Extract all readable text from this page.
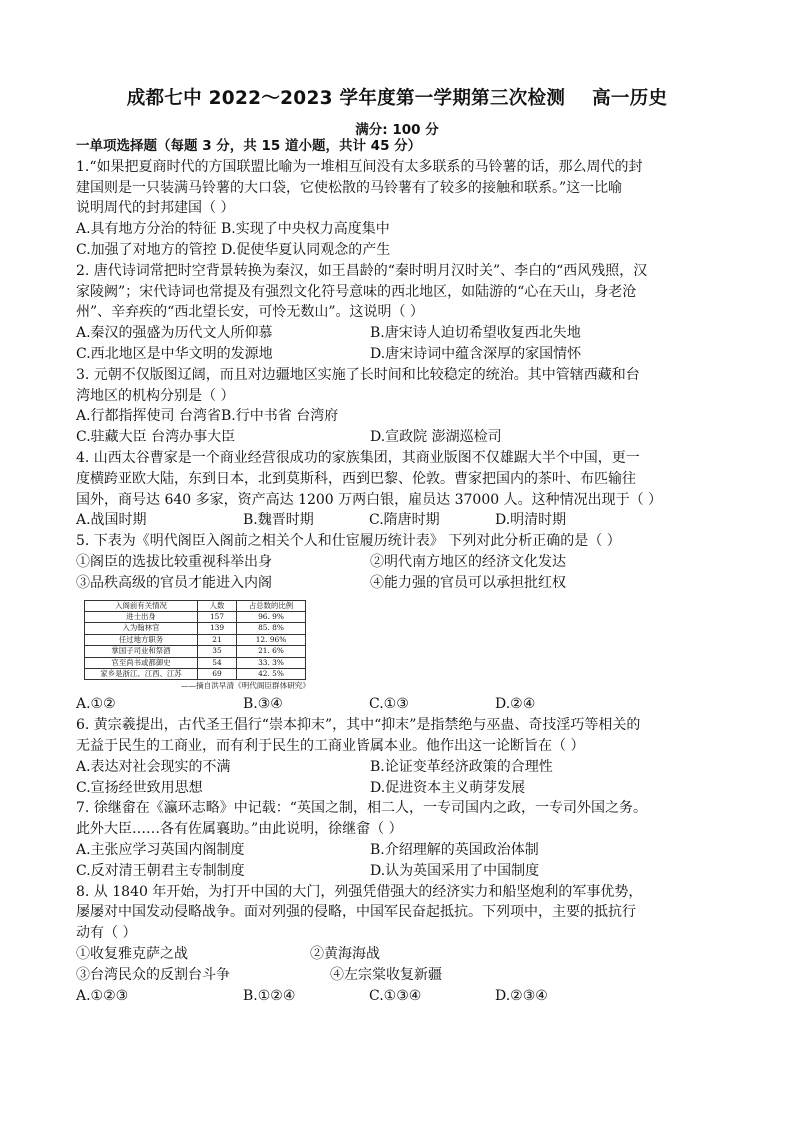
成都七中 2022～2023 学年度第一学期第三次检测    高一历史
满分: 100 分
一单项选择题（每题 3 分，共 15 道小题，共计 45 分）
1.“如果把夏商时代的方国联盟比喻为一堆相互间没有太多联系的马铃薯的话，那么周代的封
建国则是一只装满马铃薯的大口袋，它使松散的马铃薯有了较多的接触和联系。”这一比喻
说明周代的封邦建国（ ）
A.具有地方分治的特征 B.实现了中央权力高度集中
C.加强了对地方的管控 D.促使华夏认同观念的产生
2. 唐代诗词常把时空背景转换为秦汉，如王昌龄的“秦时明月汉时关”、李白的“西风残照，汉
家陵阙”；宋代诗词也常提及有强烈文化符号意味的西北地区，如陆游的“心在天山，身老沧
州”、辛弃疾的“西北望长安，可怜无数山”。这说明（ ）
A.秦汉的强盛为历代文人所仰慕	B.唐宋诗人迫切希望收复西北失地
C.西北地区是中华文明的发源地	D.唐宋诗词中蕴含深厚的家国情怀
3. 元朝不仅版图辽阔，而且对边疆地区实施了长时间和比较稳定的统治。其中管辖西藏和台
湾地区的机构分别是（ ）
A.行都指挥使司 台湾省B.行中书省 台湾府
C.驻藏大臣 台湾办事大臣	D.宣政院 澎湖巡检司
4. 山西太谷曹家是一个商业经营很成功的家族集团，其商业版图不仅雄踞大半个中国，更一
度横跨亚欧大陆，东到日本，北到莫斯科，西到巴黎、伦敦。曹家把国内的茶叶、布匹输往
国外，商号达 640 多家，资产高达 1200 万两白银，雇员达 37000 人。这种情况出现于（ ）
A.战国时期	B.魏晋时期	C.隋唐时期	D.明清时期
5. 下表为《明代阁臣入阁前之相关个人和仕宦履历统计表》 下列对此分析正确的是（ ）
①阁臣的选拔比较重视科举出身	②明代南方地区的经济文化发达
③品秩高级的官员才能进入内阁	④能力强的官员可以承担批红权
入阁前有关情况	人数	占总数的比例
进士出身	157	96. 9%
入为翰林官	139	85. 8%
任过地方职务	21	12. 96%
掌国子司业和祭酒	35	21. 6%
官至尚书或都御史	54	33. 3%
家乡是浙江、江西、江苏	69	42. 5%
——摘自洪早清《明代阁臣群体研究》
A.①②	B.③④	C.①③	D.②④
6. 黄宗羲提出，古代圣王倡行“崇本抑末”，其中“抑末”是指禁绝与巫蛊、奇技淫巧等相关的
无益于民生的工商业，而有利于民生的工商业皆属本业。他作出这一论断旨在（ ）
A.表达对社会现实的不满	B.论证变革经济政策的合理性
C.宣扬经世致用思想	D.促进资本主义萌芽发展
7. 徐继畲在《瀛环志略》中记载：“英国之制，相二人，一专司国内之政，一专司外国之务。
此外大臣……各有佐属襄助。”由此说明，徐继畲（ ）
A.主张应学习英国内阁制度	B.介绍理解的英国政治体制
C.反对清王朝君主专制制度	D.认为英国采用了中国制度
8. 从 1840 年开始，为打开中国的大门，列强凭借强大的经济实力和船坚炮利的军事优势，
屡屡对中国发动侵略战争。面对列强的侵略，中国军民奋起抵抗。下列项中，主要的抵抗行
动有（ ）
①收复雅克萨之战	②黄海海战
③台湾民众的反割台斗争	④左宗棠收复新疆
A.①②③	B.①②④	C.①③④	D.②③④
